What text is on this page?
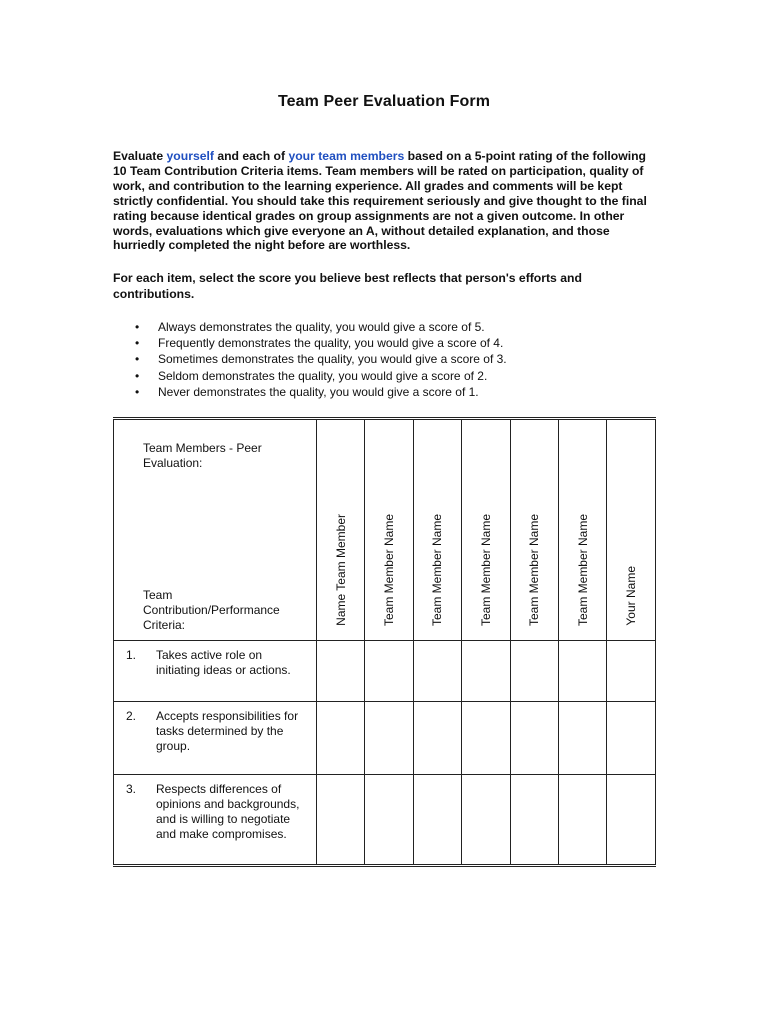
Team Peer Evaluation Form
Evaluate yourself and each of your team members based on a 5-point rating of the following 10 Team Contribution Criteria items. Team members will be rated on participation, quality of work, and contribution to the learning experience. All grades and comments will be kept strictly confidential. You should take this requirement seriously and give thought to the final rating because identical grades on group assignments are not a given outcome. In other words, evaluations which give everyone an A, without detailed explanation, and those hurriedly completed the night before are worthless.
For each item, select the score you believe best reflects that person's efforts and contributions.
• Always demonstrates the quality, you would give a score of 5.
• Frequently demonstrates the quality, you would give a score of 4.
• Sometimes demonstrates the quality, you would give a score of 3.
• Seldom demonstrates the quality, you would give a score of 2.
• Never demonstrates the quality, you would give a score of 1.
Team Members - Peer Evaluation:
Team Contribution/Performance Criteria:	Name Team Member	Team Member Name	Team Member Name	Team Member Name	Team Member Name	Team Member Name	Your Name

1. Takes active role on initiating ideas or actions.							

2. Accepts responsibilities for tasks determined by the group.							

3. Respects differences of opinions and backgrounds, and is willing to negotiate and make compromises.							
